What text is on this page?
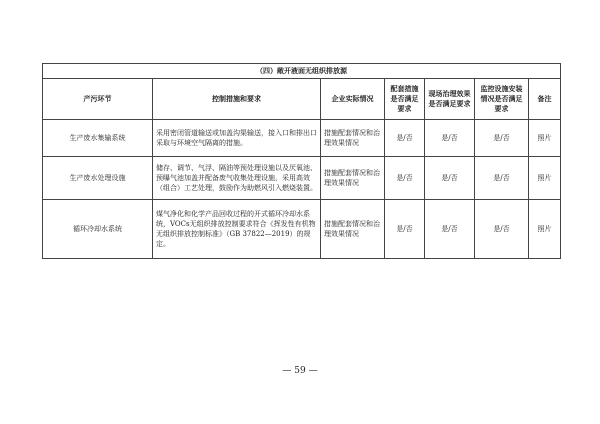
（四）敞开液面无组织排放源						
产污环节	控制措施和要求	企业实际情况	配套措施是否满足要求	现场治理效果是否满足要求	监控设施安装情况是否满足要求	备注
生产废水集输系统	采用密闭管道输送或加盖沟渠输送，接入口和排出口采取与环境空气隔离的措施。	措施配套情况和治理效果情况	是/否	是/否	是/否	照片
生产废水处理设施	储存、调节、气浮、隔油等预处理设施以及厌氧池、预曝气池加盖并配备废气收集处理设施，采用高效（组合）工艺处理，鼓励作为助燃风引入燃烧装置。	措施配套情况和治理效果情况	是/否	是/否	是/否	照片
循环冷却水系统	煤气净化和化学产品回收过程的开式循环冷却水系统，VOCs无组织排放控制要求符合《挥发性有机物无组织排放控制标准》（GB 37822—2019）的规定。	措施配套情况和治理效果情况	是/否	是/否	是/否	照片
— 59 —
